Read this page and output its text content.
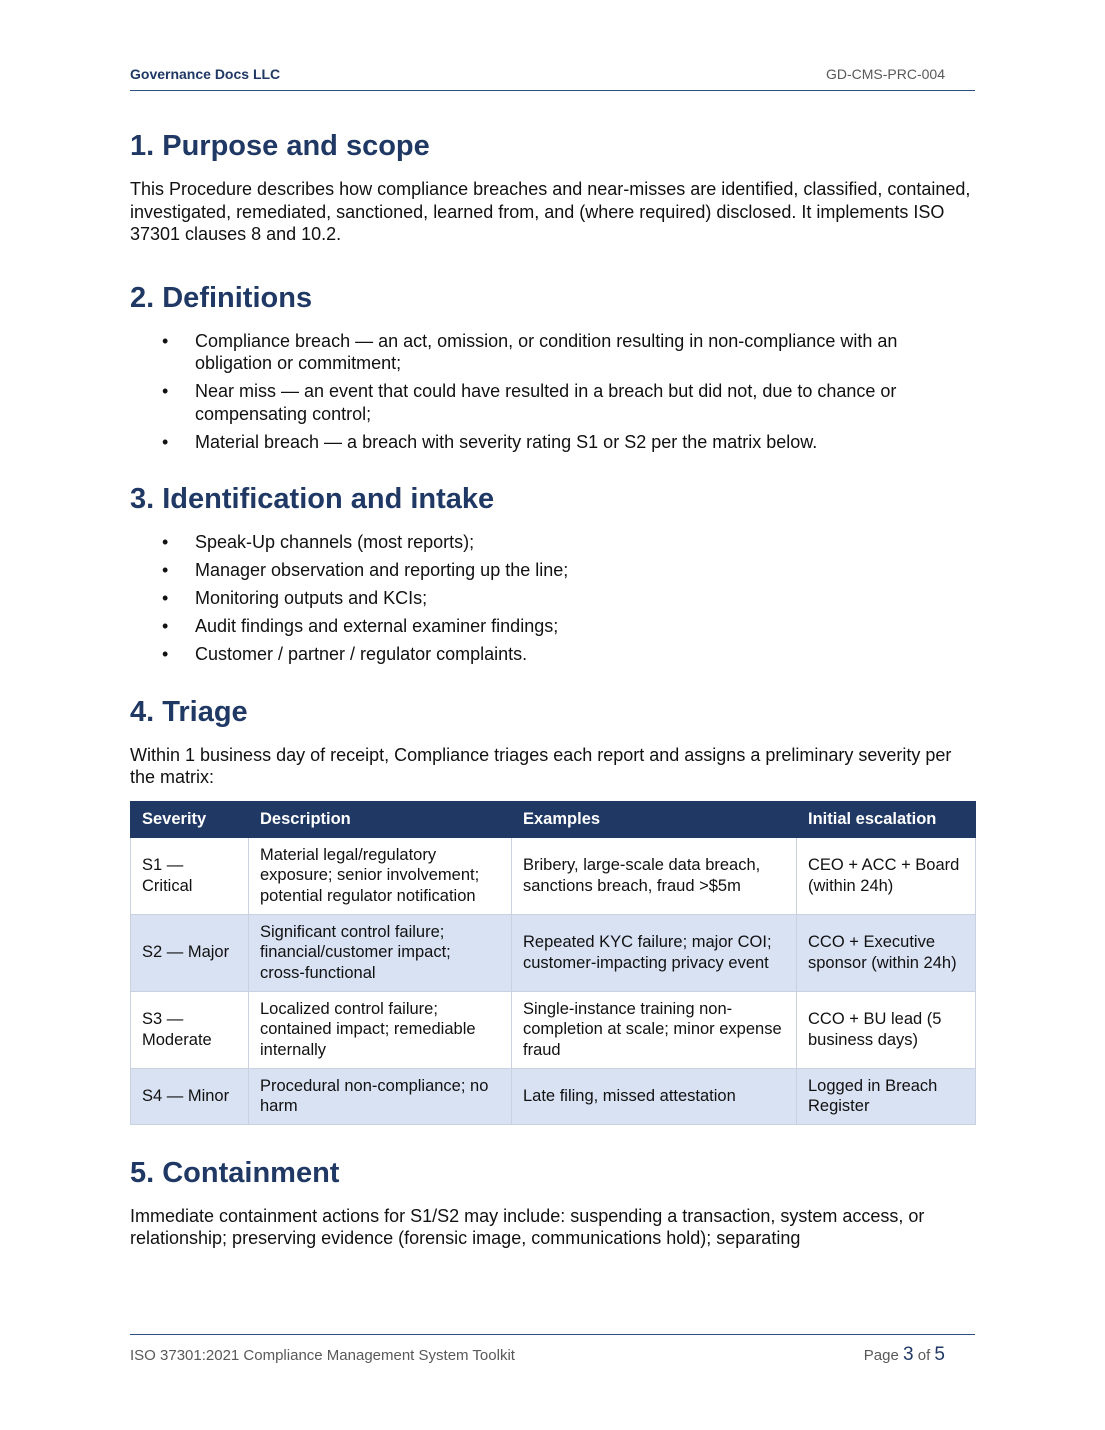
Governance Docs LLC	GD-CMS-PRC-004
1. Purpose and scope

This Procedure describes how compliance breaches and near-misses are identified, classified, contained, investigated, remediated, sanctioned, learned from, and (where required) disclosed. It implements ISO 37301 clauses 8 and 10.2.

2. Definitions
• Compliance breach — an act, omission, or condition resulting in non-compliance with an obligation or commitment;
• Near miss — an event that could have resulted in a breach but did not, due to chance or compensating control;
• Material breach — a breach with severity rating S1 or S2 per the matrix below.
3. Identification and intake
• Speak-Up channels (most reports);
• Manager observation and reporting up the line;
• Monitoring outputs and KCIs;
• Audit findings and external examiner findings;
• Customer / partner / regulator complaints.
4. Triage

Within 1 business day of receipt, Compliance triages each report and assigns a preliminary severity per the matrix:

Severity	Description	Examples	Initial escalation
S1 — Critical	Material legal/regulatory exposure; senior involvement; potential regulator notification	Bribery, large-scale data breach, sanctions breach, fraud >$5m	CEO + ACC + Board (within 24h)
S2 — Major	Significant control failure; financial/customer impact; cross-functional	Repeated KYC failure; major COI; customer-impacting privacy event	CCO + Executive sponsor (within 24h)
S3 — Moderate	Localized control failure; contained impact; remediable internally	Single-instance training non-completion at scale; minor expense fraud	CCO + BU lead (5 business days)
S4 — Minor	Procedural non-compliance; no harm	Late filing, missed attestation	Logged in Breach Register
5. Containment

Immediate containment actions for S1/S2 may include: suspending a transaction, system access, or relationship; preserving evidence (forensic image, communications hold); separating

ISO 37301:2021 Compliance Management System Toolkit	Page 3 of 5
